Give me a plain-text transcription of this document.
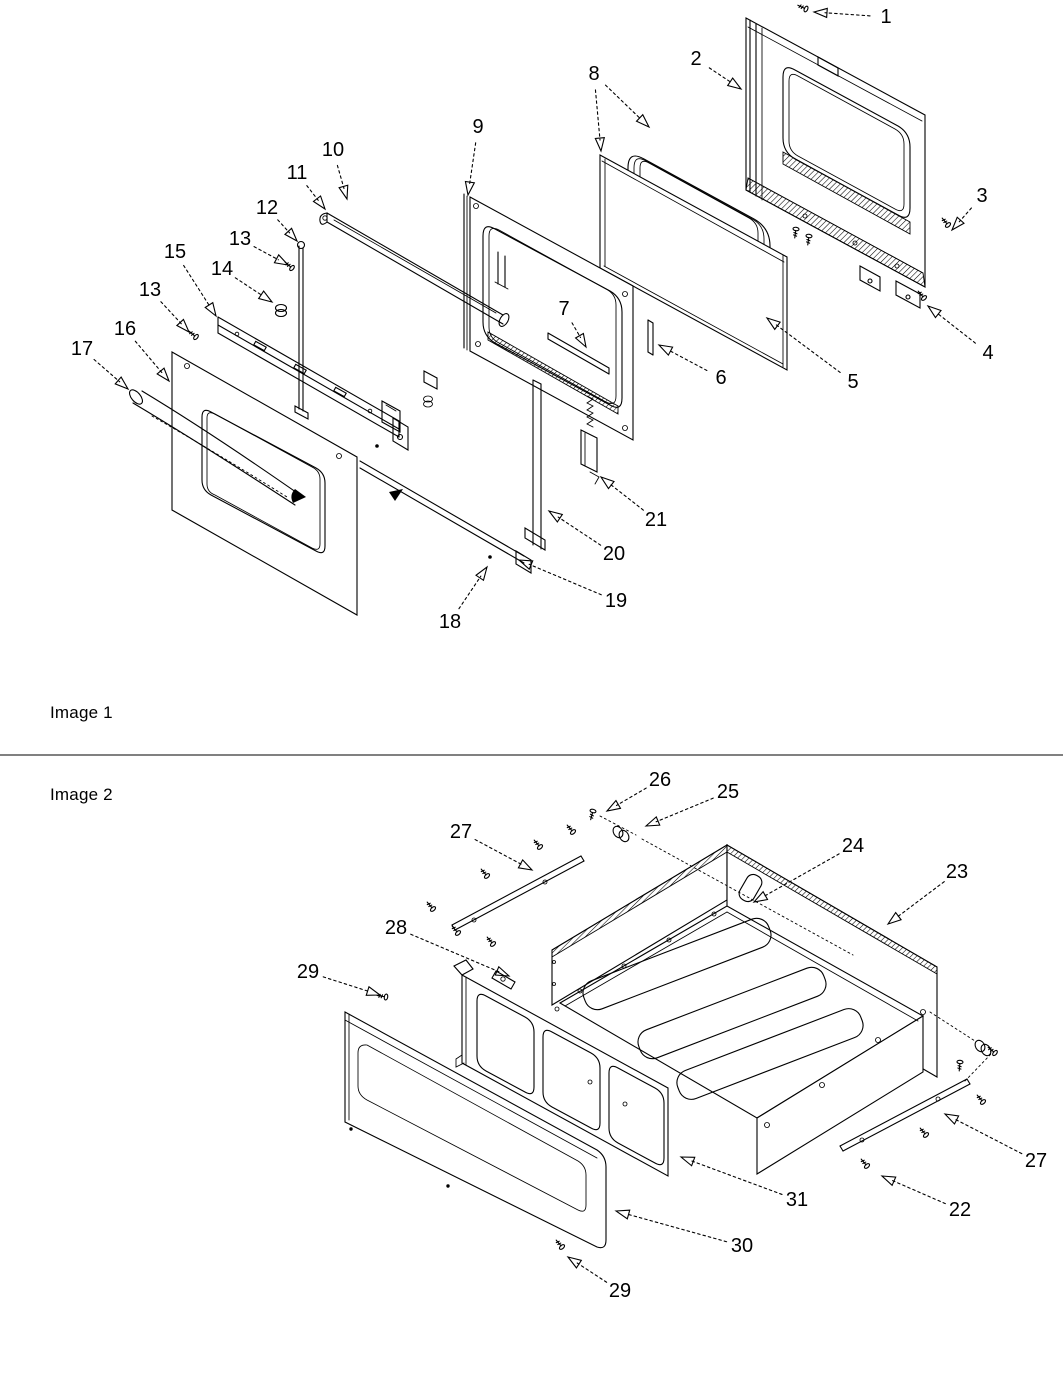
1
2
3
4
5
6
7
8
9
10
11
12
13
14
15
13
16
17
18
19
20
21
22
23
24
25
26
27
27
28
29
29
30
31
Image 1
Image 2
